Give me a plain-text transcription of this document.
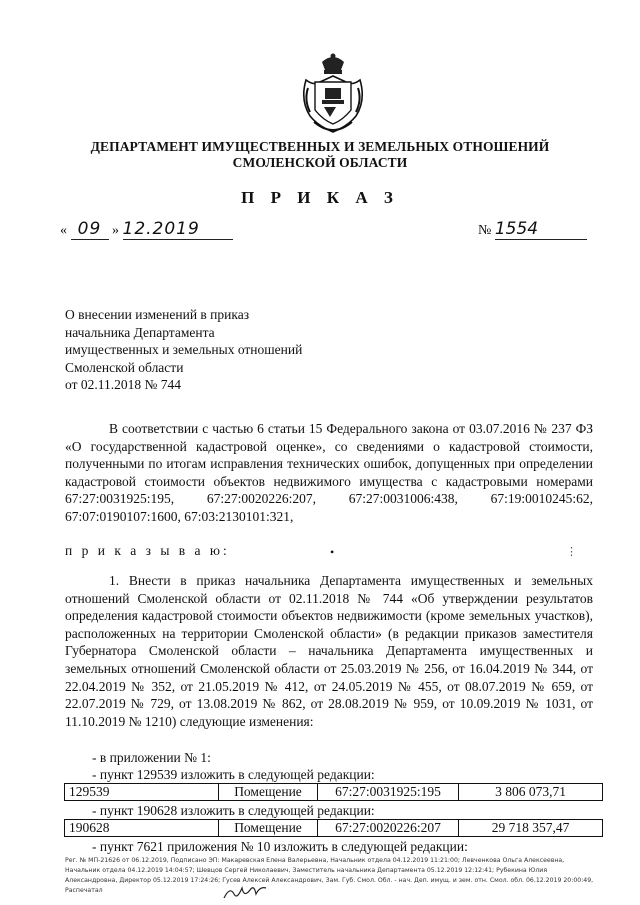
ДЕПАРТАМЕНТ ИМУЩЕСТВЕННЫХ И ЗЕМЕЛЬНЫХ ОТНОШЕНИЙ
СМОЛЕНСКОЙ ОБЛАСТИ
П Р И К А З
« 09 » 12.2019	№ 1554
О внесении изменений в приказ
начальника Департамента
имущественных и земельных отношений
Смоленской области
от 02.11.2018 № 744
В соответствии с частью 6 статьи 15 Федерального закона от 03.07.2016 № 237 ФЗ «О государственной кадастровой оценке», со сведениями о кадастровой стоимости, полученными по итогам исправления технических ошибок, допущенных при определении кадастровой стоимости объектов недвижимого имущества с кадастровыми номерами 67:27:0031925:195, 67:27:0020226:207, 67:27:0031006:438, 67:19:0010245:62, 67:07:0190107:1600, 67:03:2130101:321,
п р и к а з ы в а ю:
1. Внести в приказ начальника Департамента имущественных и земельных отношений Смоленской области от 02.11.2018 № 744 «Об утверждении результатов определения кадастровой стоимости объектов недвижимости (кроме земельных участков), расположенных на территории Смоленской области» (в редакции приказов заместителя Губернатора Смоленской области – начальника Департамента имущественных и земельных отношений Смоленской области от 25.03.2019 № 256, от 16.04.2019 № 344, от 22.04.2019 № 352, от 21.05.2019 № 412, от 24.05.2019 № 455, от 08.07.2019 № 659, от 22.07.2019 № 729, от 13.08.2019 № 862, от 28.08.2019 № 959, от 10.09.2019 № 1031, от 11.10.2019 № 1210) следующие изменения:
- в приложении № 1:
- пункт 129539 изложить в следующей редакции:
129539	Помещение	67:27:0031925:195	3 806 073,71
- пункт 190628 изложить в следующей редакции:
190628	Помещение	67:27:0020226:207	29 718 357,47
- пункт 7621 приложения № 10 изложить в следующей редакции:
Рег. № МП-21626 от 06.12.2019, Подписано ЭП: Макаревская Елена Валерьевна, Начальник отдела 04.12.2019 11:21:00; Левченкова Ольга Алексеевна, Начальник отдела 04.12.2019 14:04:57; Шевцов Сергей Николаевич, Заместитель начальника Департамента 05.12.2019 12:12:41; Рубекина Юлия Александровна, Директор 05.12.2019 17:24:26; Гусев Алексей Александрович, Зам. Губ. Смол. Обл. - нач. Деп. имущ. и зем. отн. Смол. обл. 06.12.2019 20:00:49, Распечатал
•	⋮
